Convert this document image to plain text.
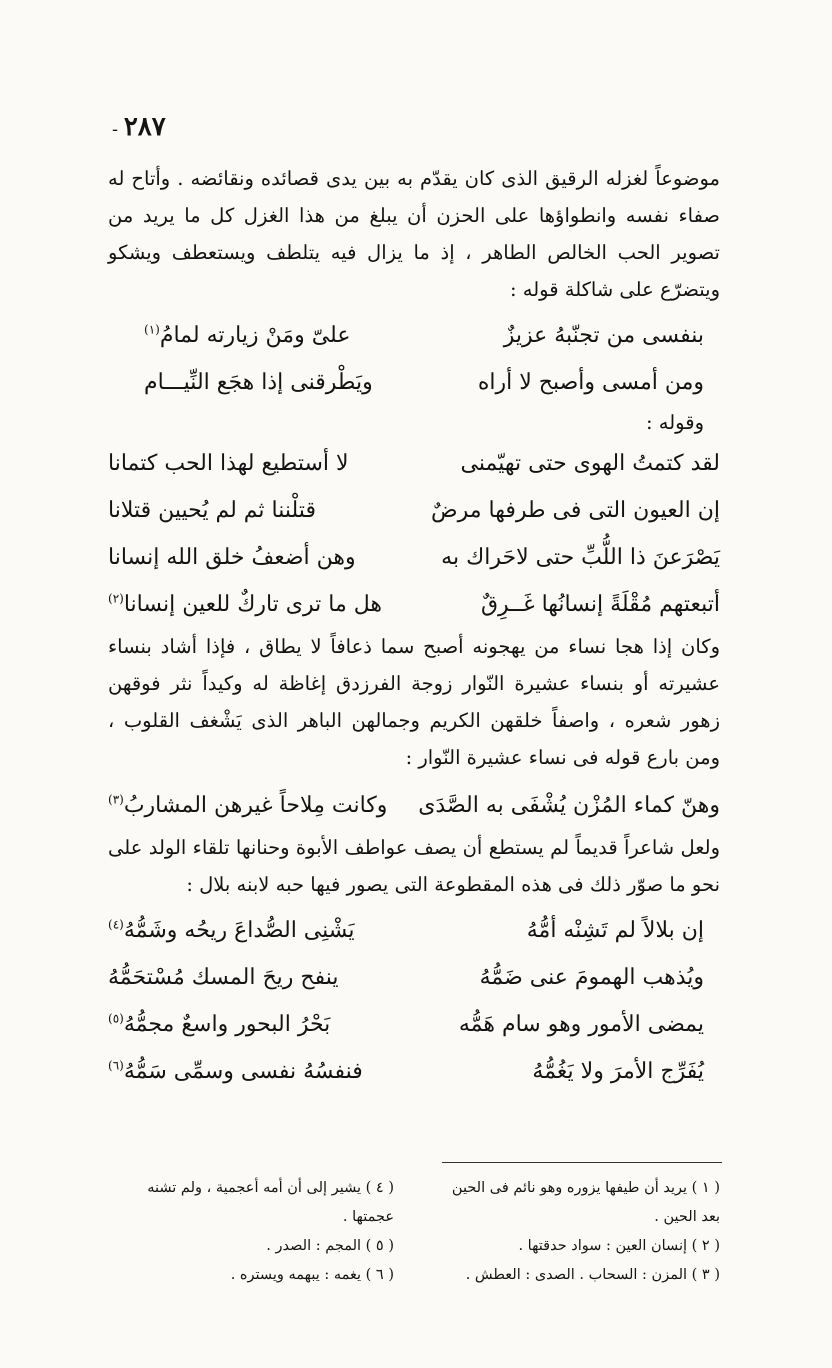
- ٢٨٧

موضوعاً لغزله الرقيق الذى كان يقدّم به بين يدى قصائده ونقائضه . وأتاح له صفاء نفسه وانطواؤها على الحزن أن يبلغ من هذا الغزل كل ما يريد من تصوير الحب الخالص الطاهر ، إذ ما يزال فيه يتلطف ويستعطف ويشكو ويتضرّع على شاكلة قوله :

بنفسى من تجنّبهُ عزيزٌ
علىّ ومَنْ زيارته لمامُ$^{(١)}$
ومن أمسى وأصبح لا أراه
ويَطْرقنى إذا هجَع النِّيـــام

وقوله :

لقد كتمتُ الهوى حتى تهيّمنى
لا أستطيع لهذا الحب كتمانا
إن العيون التى فى طرفها مرضٌ
قتلْننا ثم لم يُحيين قتلانا
يَصْرَعنَ ذا اللُّبِّ حتى لاحَراك به
وهن أضعفُ خلق الله إنسانا
أتبعتهم مُقْلَةً إنسانُها غَــرِقٌ
هل ما ترى تاركٌ للعين إنسانا$^{(٢)}$

وكان إذا هجا نساء من يهجونه أصبح سما ذعافاً لا يطاق ، فإذا أشاد بنساء عشيرته أو بنساء عشيرة النّوار زوجة الفرزدق إغاظة له وكيداً نثر فوقهن زهور شعره ، واصفاً خلقهن الكريم وجمالهن الباهر الذى يَشْغف القلوب ، ومن بارع قوله فى نساء عشيرة النّوار :

وهنّ كماء المُزْن يُشْفَى به الصَّدَى
وكانت مِلاحاً غيرهن المشاربُ$^{(٣)}$

ولعل شاعراً قديماً لم يستطع أن يصف عواطف الأبوة وحنانها تلقاء الولد على نحو ما صوّر ذلك فى هذه المقطوعة التى يصور فيها حبه لابنه بلال :

إن بلالاً لم تَشِنْه أمُّهُ
يَشْنِى الصُّداعَ ريحُه وشَمُّهُ$^{(٤)}$
ويُذهب الهمومَ عنى ضَمُّهُ
ينفح ريحَ المسك مُسْتحَمُّهُ
يمضى الأمور وهو سام هَمُّه
بَحْرُ البحور واسعٌ مجمُّهُ$^{(٥)}$
يُفَرِّج الأمرَ ولا يَغُمُّهُ
فنفسُهُ نفسى وسمِّى سَمُّهُ$^{(٦)}$

( ١ ) يريد أن طيفها يزوره وهو نائم فى الحين بعد الحين .

( ٢ ) إنسان العين : سواد حدقتها .

( ٣ ) المزن : السحاب . الصدى : العطش .

( ٤ ) يشير إلى أن أمه أعجمية ، ولم تشنه عجمتها .

( ٥ ) المجم : الصدر .

( ٦ ) يغمه : يبهمه ويستره .
